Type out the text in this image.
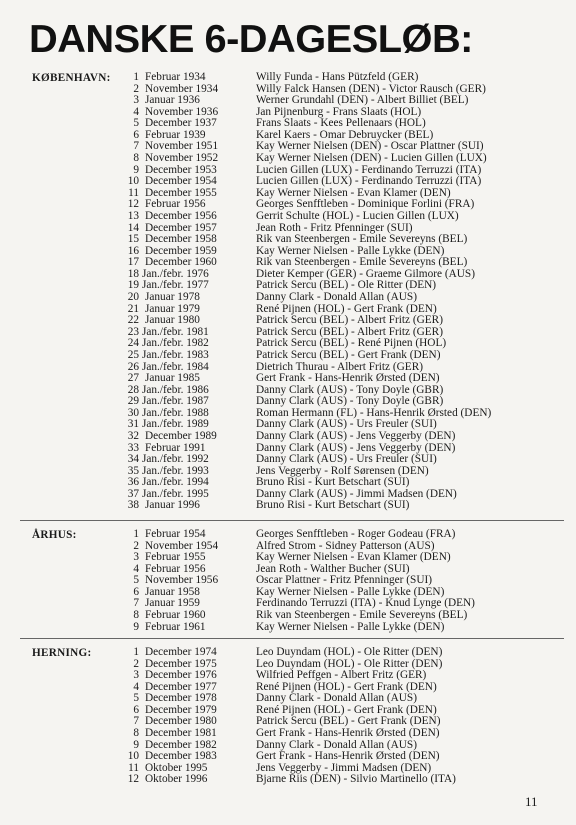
DANSKE 6-DAGESLØB:
KØBENHAVN: 1 Februar 1934	Willy Funda - Hans Pützfeld (GER)
2 November 1934	Willy Falck Hansen (DEN) - Victor Rausch (GER)
3 Januar 1936	Werner Grundahl (DEN) - Albert Billiet (BEL)
4 November 1936	Jan Pijnenburg - Frans Slaats (HOL)
5 December 1937	Frans Slaats - Kees Pellenaars (HOL)
6 Februar 1939	Karel Kaers - Omar Debruycker (BEL)
7 November 1951	Kay Werner Nielsen (DEN) - Oscar Plattner (SUI)
8 November 1952	Kay Werner Nielsen (DEN) - Lucien Gillen (LUX)
9 December 1953	Lucien Gillen (LUX) - Ferdinando Terruzzi (ITA)
10 December 1954	Lucien Gillen (LUX) - Ferdinando Terruzzi (ITA)
11 December 1955	Kay Werner Nielsen - Evan Klamer (DEN)
12 Februar 1956	Georges Senfftleben - Dominique Forlini (FRA)
13 December 1956	Gerrit Schulte (HOL) - Lucien Gillen (LUX)
14 December 1957	Jean Roth - Fritz Pfenninger (SUI)
15 December 1958	Rik van Steenbergen - Emile Severeyns (BEL)
16 December 1959	Kay Werner Nielsen - Palle Lykke (DEN)
17 December 1960	Rik van Steenbergen - Emile Severeyns (BEL)
18 Jan./febr. 1976	Dieter Kemper (GER) - Graeme Gilmore (AUS)
19 Jan./febr. 1977	Patrick Sercu (BEL) - Ole Ritter (DEN)
20 Januar 1978	Danny Clark - Donald Allan (AUS)
21 Januar 1979	René Pijnen (HOL) - Gert Frank (DEN)
22 Januar 1980	Patrick Sercu (BEL) - Albert Fritz (GER)
23 Jan./febr. 1981	Patrick Sercu (BEL) - Albert Fritz (GER)
24 Jan./febr. 1982	Patrick Sercu (BEL) - René Pijnen (HOL)
25 Jan./febr. 1983	Patrick Sercu (BEL) - Gert Frank (DEN)
26 Jan./febr. 1984	Dietrich Thurau - Albert Fritz (GER)
27 Januar 1985	Gert Frank - Hans-Henrik Ørsted (DEN)
28 Jan./febr. 1986	Danny Clark (AUS) - Tony Doyle (GBR)
29 Jan./febr. 1987	Danny Clark (AUS) - Tony Doyle (GBR)
30 Jan./febr. 1988	Roman Hermann (FL) - Hans-Henrik Ørsted (DEN)
31 Jan./febr. 1989	Danny Clark (AUS) - Urs Freuler (SUI)
32 December 1989	Danny Clark (AUS) - Jens Veggerby (DEN)
33 Februar 1991	Danny Clark (AUS) - Jens Veggerby (DEN)
34 Jan./febr. 1992	Danny Clark (AUS) - Urs Freuler (SUI)
35 Jan./febr. 1993	Jens Veggerby - Rolf Sørensen (DEN)
36 Jan./febr. 1994	Bruno Risi - Kurt Betschart (SUI)
37 Jan./febr. 1995	Danny Clark (AUS) - Jimmi Madsen (DEN)
38 Januar 1996	Bruno Risi - Kurt Betschart (SUI)
ÅRHUS:	1 Februar 1954	Georges Senfftleben - Roger Godeau (FRA)
2 November 1954	Alfred Strom - Sidney Patterson (AUS)
3 Februar 1955	Kay Werner Nielsen - Evan Klamer (DEN)
4 Februar 1956	Jean Roth - Walther Bucher (SUI)
5 November 1956	Oscar Plattner - Fritz Pfenninger (SUI)
6 Januar 1958	Kay Werner Nielsen - Palle Lykke (DEN)
7 Januar 1959	Ferdinando Terruzzi (ITA) - Knud Lynge (DEN)
8 Februar 1960	Rik van Steenbergen - Emile Severeyns (BEL)
9 Februar 1961	Kay Werner Nielsen - Palle Lykke (DEN)
HERNING:	1 December 1974	Leo Duyndam (HOL) - Ole Ritter (DEN)
2 December 1975	Leo Duyndam (HOL) - Ole Ritter (DEN)
3 December 1976	Wilfried Peffgen - Albert Fritz (GER)
4 December 1977	René Pijnen (HOL) - Gert Frank (DEN)
5 December 1978	Danny Clark - Donald Allan (AUS)
6 December 1979	René Pijnen (HOL) - Gert Frank (DEN)
7 December 1980	Patrick Sercu (BEL) - Gert Frank (DEN)
8 December 1981	Gert Frank - Hans-Henrik Ørsted (DEN)
9 December 1982	Danny Clark - Donald Allan (AUS)
10 December 1983	Gert Frank - Hans-Henrik Ørsted (DEN)
11 Oktober 1995	Jens Veggerby - Jimmi Madsen (DEN)
12 Oktober 1996	Bjarne Riis (DEN) - Silvio Martinello (ITA)
11
